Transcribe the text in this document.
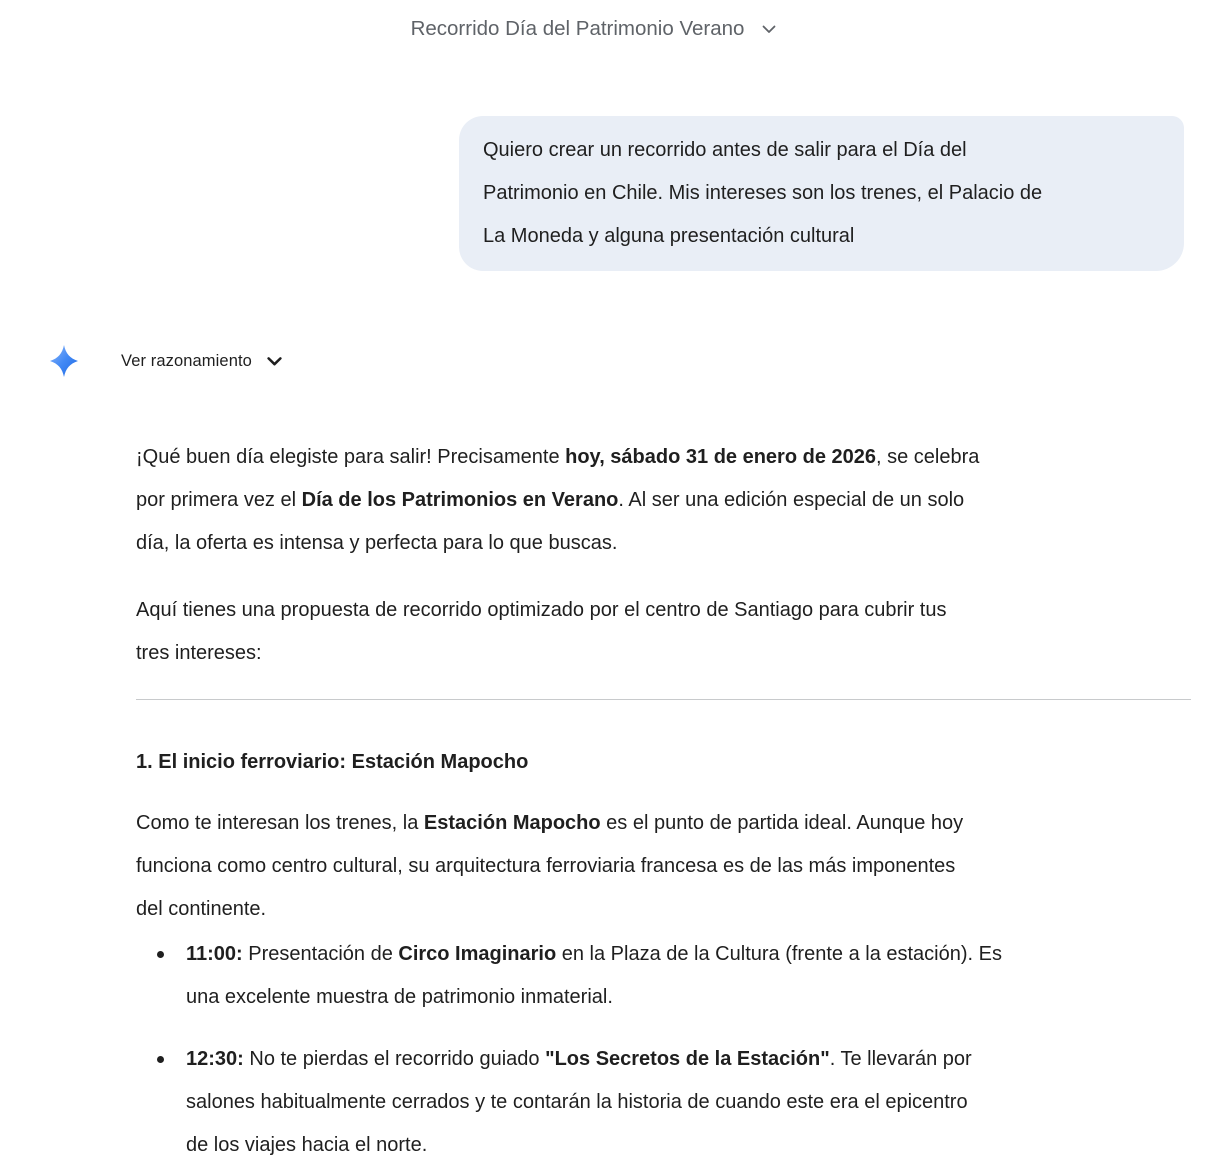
Recorrido Día del Patrimonio Verano
Quiero crear un recorrido antes de salir para el Día del
Patrimonio en Chile. Mis intereses son los trenes, el Palacio de
La Moneda y alguna presentación cultural
Ver razonamiento

¡Qué buen día elegiste para salir! Precisamente hoy, sábado 31 de enero de 2026, se celebra
por primera vez el Día de los Patrimonios en Verano. Al ser una edición especial de un solo
día, la oferta es intensa y perfecta para lo que buscas.

Aquí tienes una propuesta de recorrido optimizado por el centro de Santiago para cubrir tus
tres intereses:

1. El inicio ferroviario: Estación Mapocho

Como te interesan los trenes, la Estación Mapocho es el punto de partida ideal. Aunque hoy
funciona como centro cultural, su arquitectura ferroviaria francesa es de las más imponentes
del continente.

11:00: Presentación de Circo Imaginario en la Plaza de la Cultura (frente a la estación). Es
una excelente muestra de patrimonio inmaterial.
12:30: No te pierdas el recorrido guiado "Los Secretos de la Estación". Te llevarán por
salones habitualmente cerrados y te contarán la historia de cuando este era el epicentro
de los viajes hacia el norte.
